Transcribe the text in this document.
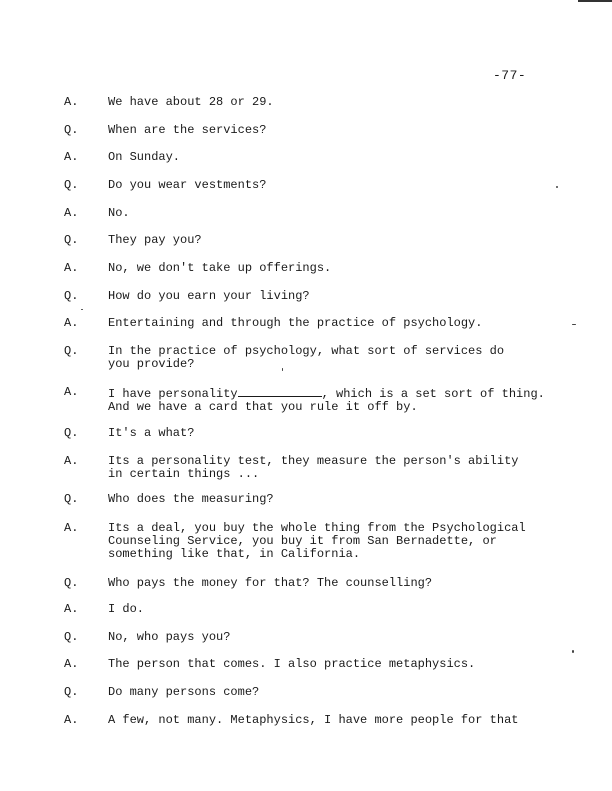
-77-
A. We have about 28 or 29.
Q. When are the services?
A. On Sunday.
Q. Do you wear vestments?
A. No.
Q. They pay you?
A. No, we don't take up offerings.
Q. How do you earn your living?
A. Entertaining and through the practice of psychology.
Q. In the practice of psychology, what sort of services do
you provide?
A. I have personality	, which is a set sort of thing.
And we have a card that you rule it off by.
Q. It's a what?
A. Its a personality test, they measure the person's ability
in certain things ...
Q. Who does the measuring?
A. Its a deal, you buy the whole thing from the Psychological
Counseling Service, you buy it from San Bernadette, or
something like that, in California.
Q. Who pays the money for that? The counselling?
A. I do.
Q. No, who pays you?
A. The person that comes. I also practice metaphysics.
Q. Do many persons come?
A. A few, not many. Metaphysics, I have more people for that
